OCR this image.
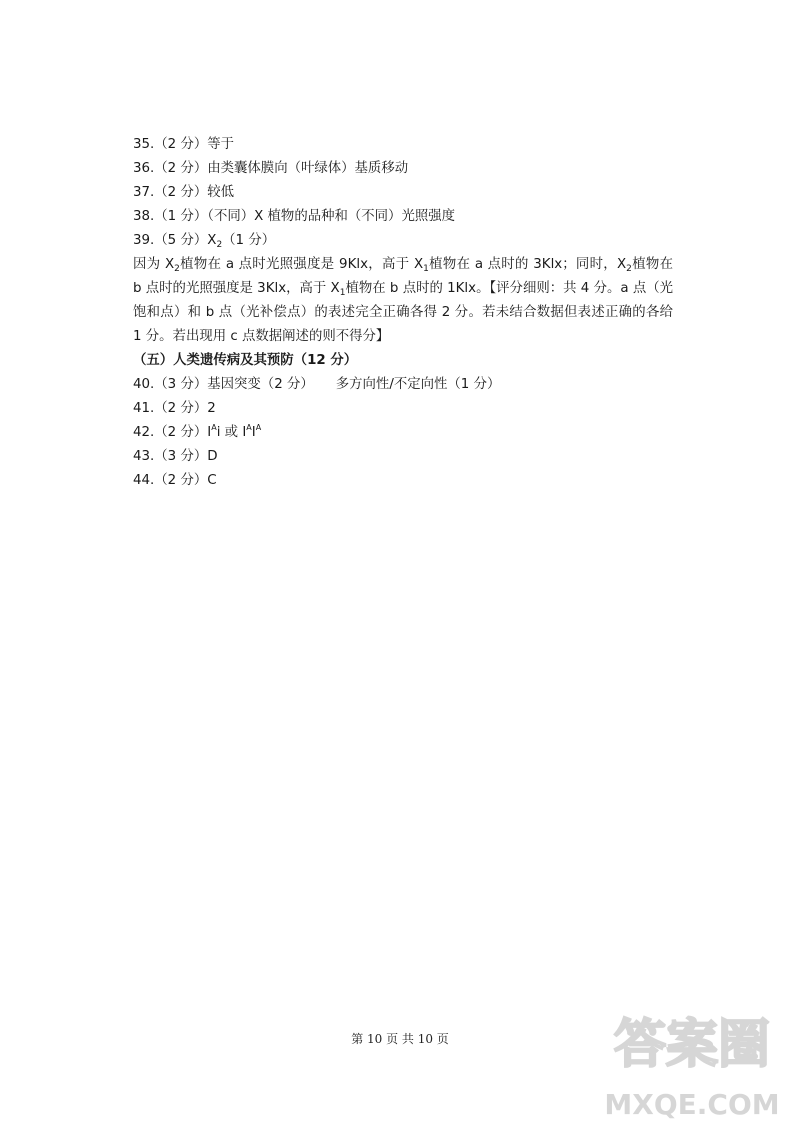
35.（2 分）等于
36.（2 分）由类囊体膜向（叶绿体）基质移动
37.（2 分）较低
38.（1 分）（不同）X 植物的品种和（不同）光照强度
39.（5 分）$X_2(1$ 分）
因为 $X_2$植物在 a 点时光照强度是 9Klx，高于 $X_1$植物在 a 点时的 3Klx；同时，$X_2$植物在 b 点时的光照强度是 3Klx，高于 $X_1$植物在 b 点时的 1Klx。【评分细则：共 4 分。a 点（光饱和点）和 b 点（光补偿点）的表述完全正确各得 2 分。若未结合数据但表述正确的各给 1 分。若出现用 c 点数据阐述的则不得分】
（五）人类遗传病及其预防（12 分）
40.（3 分）基因突变（2 分） 多方向性/不定向性（1 分）
41.（2 分）2
42.（2 分）$I^Ai$ 或 $I^AI^A$
43.（3 分）D
44.（2 分）C
第 10 页 共 10 页	答案圈
MXQE.COM
